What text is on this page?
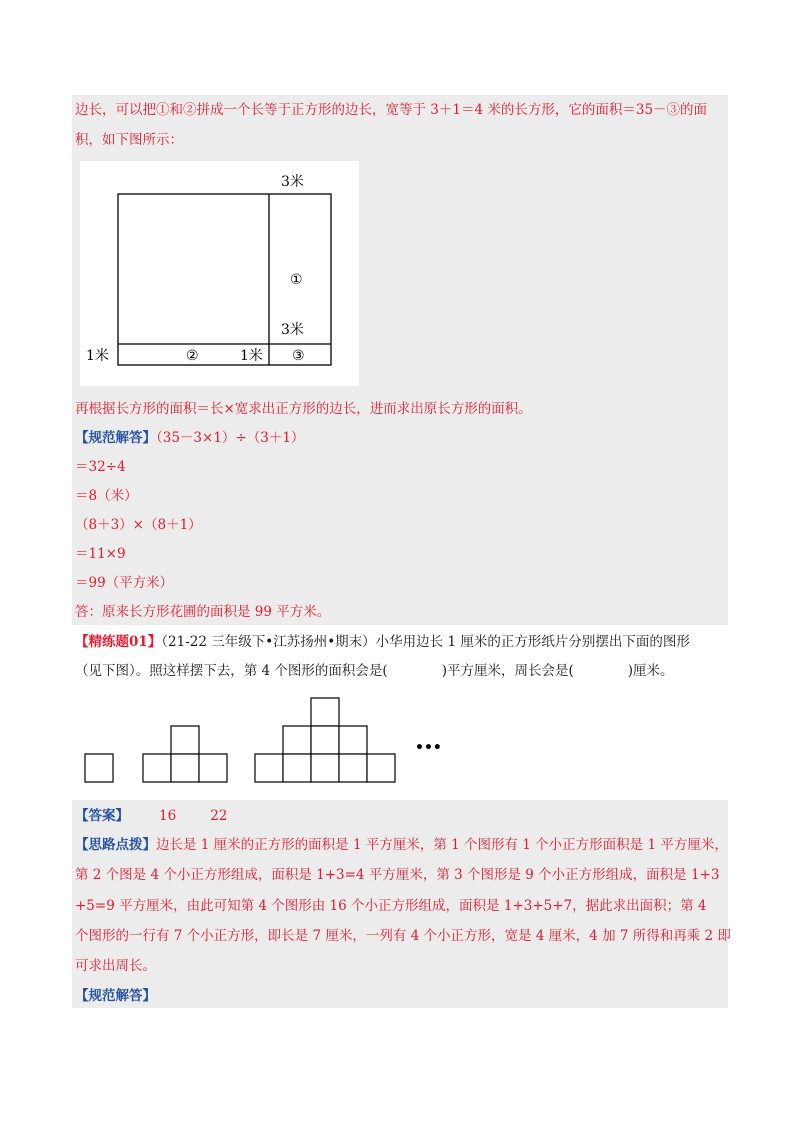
边长，可以把①和②拼成一个长等于正方形的边长，宽等于 3＋1＝4 米的长方形，它的面积＝35－③的面
积，如下图所示：
3米
①
3米
1米	②	1米 ③
再根据长方形的面积＝长×宽求出正方形的边长，进而求出原长方形的面积。
【规范解答】（35－3×1）÷（3＋1）
＝32÷4
＝8（米）
（8＋3）×（8＋1）
＝11×9
＝99（平方米）
答：原来长方形花圃的面积是 99 平方米。
【精练题01】（21-22 三年级下•江苏扬州•期末）小华用边长 1 厘米的正方形纸片分别摆出下面的图形
（见下图）。照这样摆下去，第 4 个图形的面积会是(	)平方厘米，周长会是(	)厘米。
•••
【答案】 16	22
【思路点拨】边长是 1 厘米的正方形的面积是 1 平方厘米，第 1 个图形有 1 个小正方形面积是 1 平方厘米，
第 2 个图是 4 个小正方形组成，面积是 1+3=4 平方厘米，第 3 个图形是 9 个小正方形组成，面积是 1+3
+5=9 平方厘米，由此可知第 4 个图形由 16 个小正方形组成，面积是 1+3+5+7，据此求出面积；第 4
个图形的一行有 7 个小正方形，即长是 7 厘米，一列有 4 个小正方形，宽是 4 厘米，4 加 7 所得和再乘 2 即
可求出周长。
【规范解答】
